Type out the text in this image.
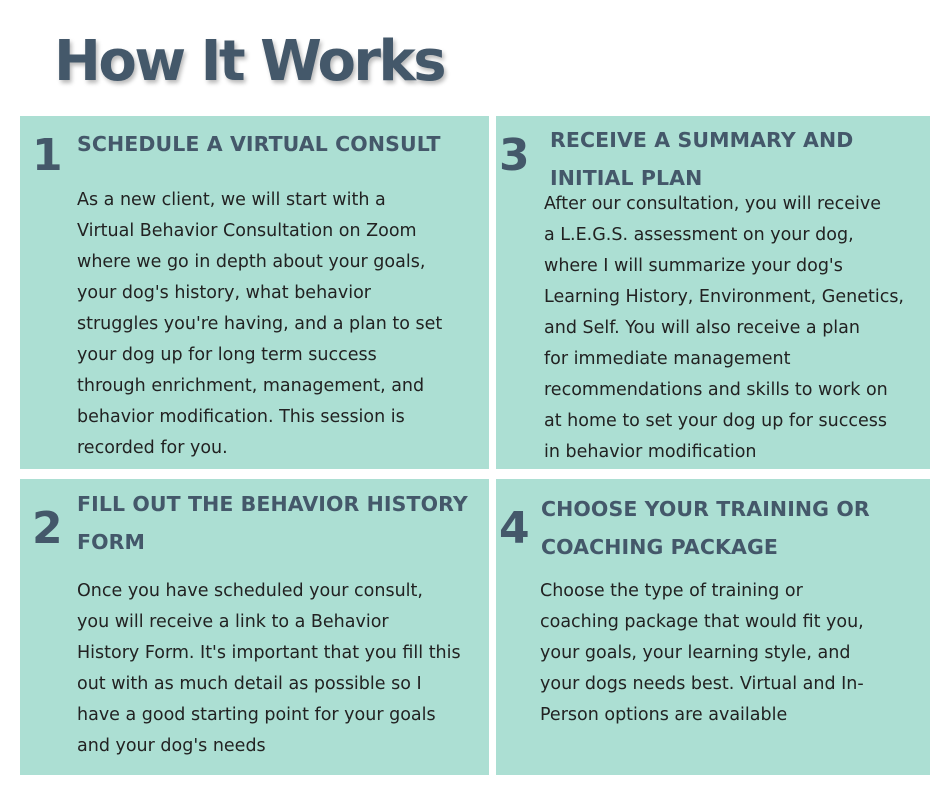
How It Works
1 SCHEDULE A VIRTUAL CONSULT

As a new client, we will start with a
Virtual Behavior Consultation on Zoom
where we go in depth about your goals,
your dog's history, what behavior
struggles you're having, and a plan to set
your dog up for long term success
through enrichment, management, and
behavior modification. This session is
recorded for you.

3 RECEIVE A SUMMARY AND
INITIAL PLAN

After our consultation, you will receive
a L.E.G.S. assessment on your dog,
where I will summarize your dog's
Learning History, Environment, Genetics,
and Self. You will also receive a plan
for immediate management
recommendations and skills to work on
at home to set your dog up for success
in behavior modification

2 FILL OUT THE BEHAVIOR HISTORY
FORM

Once you have scheduled your consult,
you will receive a link to a Behavior
History Form. It's important that you fill this
out with as much detail as possible so I
have a good starting point for your goals
and your dog's needs

4 CHOOSE YOUR TRAINING OR
COACHING PACKAGE

Choose the type of training or
coaching package that would fit you,
your goals, your learning style, and
your dogs needs best. Virtual and In-
Person options are available
